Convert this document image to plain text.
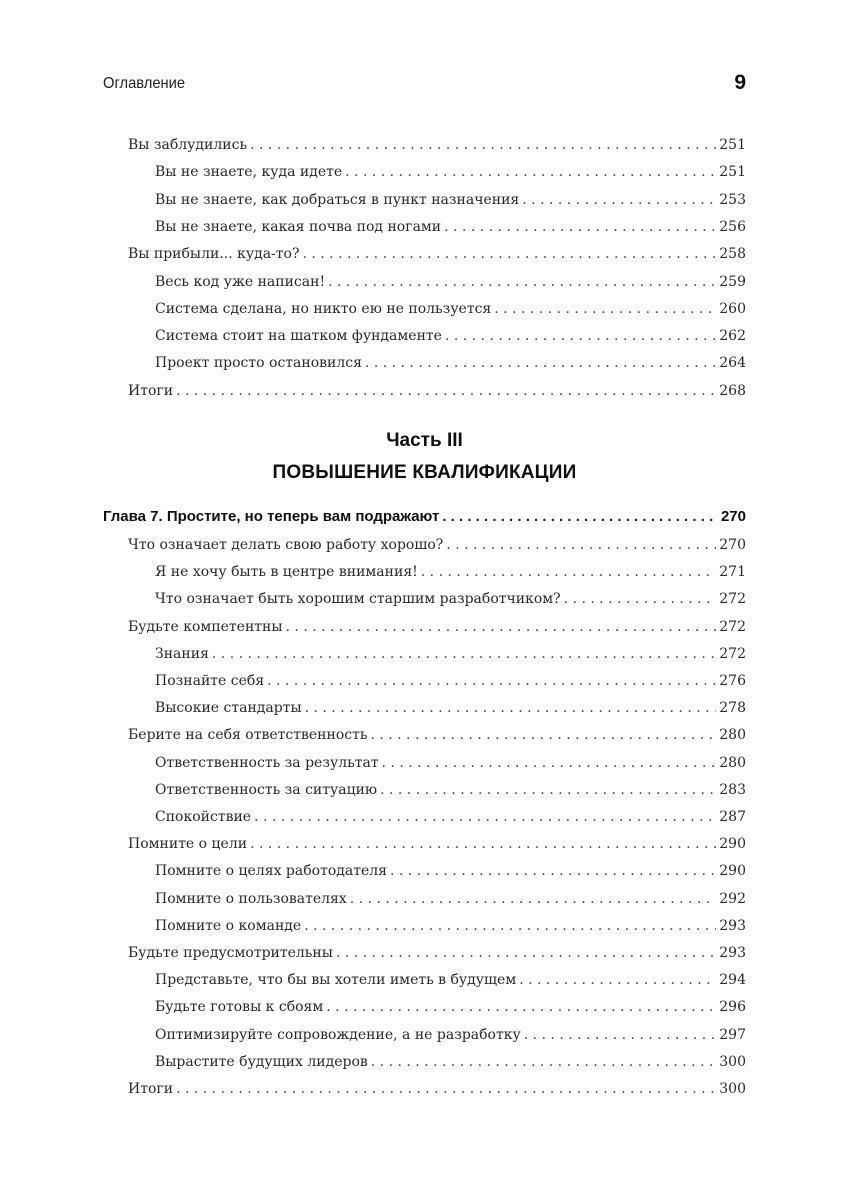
Оглавление	9
Вы заблудились . . .	251
Вы не знаете, куда идете . . .	251
Вы не знаете, как добраться в пункт назначения . . .	253
Вы не знаете, какая почва под ногами . . .	256
Вы прибыли... куда-то? . . .	258
Весь код уже написан! . . .	259
Система сделана, но никто ею не пользуется . . .	260
Система стоит на шатком фундаменте . . .	262
Проект просто остановился . . .	264
Итоги . . .	268
Часть III
ПОВЫШЕНИЕ КВАЛИФИКАЦИИ
Глава 7. Простите, но теперь вам подражают . . .	270
Что означает делать свою работу хорошо? . . .	270
Я не хочу быть в центре внимания! . . .	271
Что означает быть хорошим старшим разработчиком? . . .	272
Будьте компетентны . . .	272
Знания . . .	272
Познайте себя . . .	276
Высокие стандарты . . .	278
Берите на себя ответственность . . .	280
Ответственность за результат . . .	280
Ответственность за ситуацию . . .	283
Спокойствие . . .	287
Помните о цели . . .	290
Помните о целях работодателя . . .	290
Помните о пользователях . . .	292
Помните о команде . . .	293
Будьте предусмотрительны . . .	293
Представьте, что бы вы хотели иметь в будущем . . .	294
Будьте готовы к сбоям . . .	296
Оптимизируйте сопровождение, а не разработку . . .	297
Вырастите будущих лидеров . . .	300
Итоги . . .	300
